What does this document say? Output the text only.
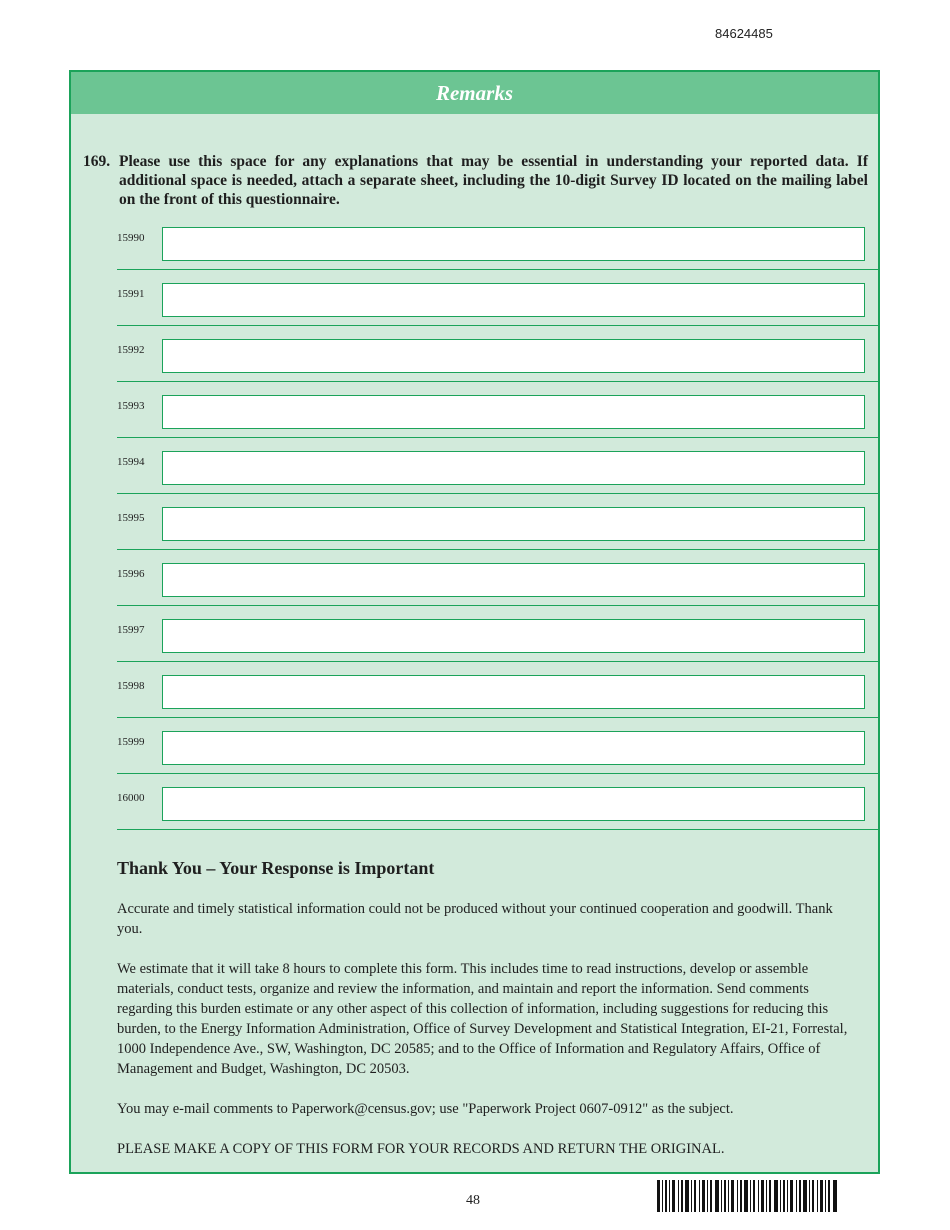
84624485
Remarks
169. Please use this space for any explanations that may be essential in understanding your reported data. If additional space is needed, attach a separate sheet, including the 10-digit Survey ID located on the mailing label on the front of this questionnaire.
15990
15991
15992
15993
15994
15995
15996
15997
15998
15999
16000
Thank You – Your Response is Important

Accurate and timely statistical information could not be produced without your continued cooperation and goodwill. Thank you.

We estimate that it will take 8 hours to complete this form. This includes time to read instructions, develop or assemble materials, conduct tests, organize and review the information, and maintain and report the information. Send comments regarding this burden estimate or any other aspect of this collection of information, including suggestions for reducing this burden, to the Energy Information Administration, Office of Survey Development and Statistical Integration, EI-21, Forrestal, 1000 Independence Ave., SW, Washington, DC 20585; and to the Office of Information and Regulatory Affairs, Office of Management and Budget, Washington, DC 20503.

You may e-mail comments to Paperwork@census.gov; use "Paperwork Project 0607-0912" as the subject.

PLEASE MAKE A COPY OF THIS FORM FOR YOUR RECORDS AND RETURN THE ORIGINAL.

48
